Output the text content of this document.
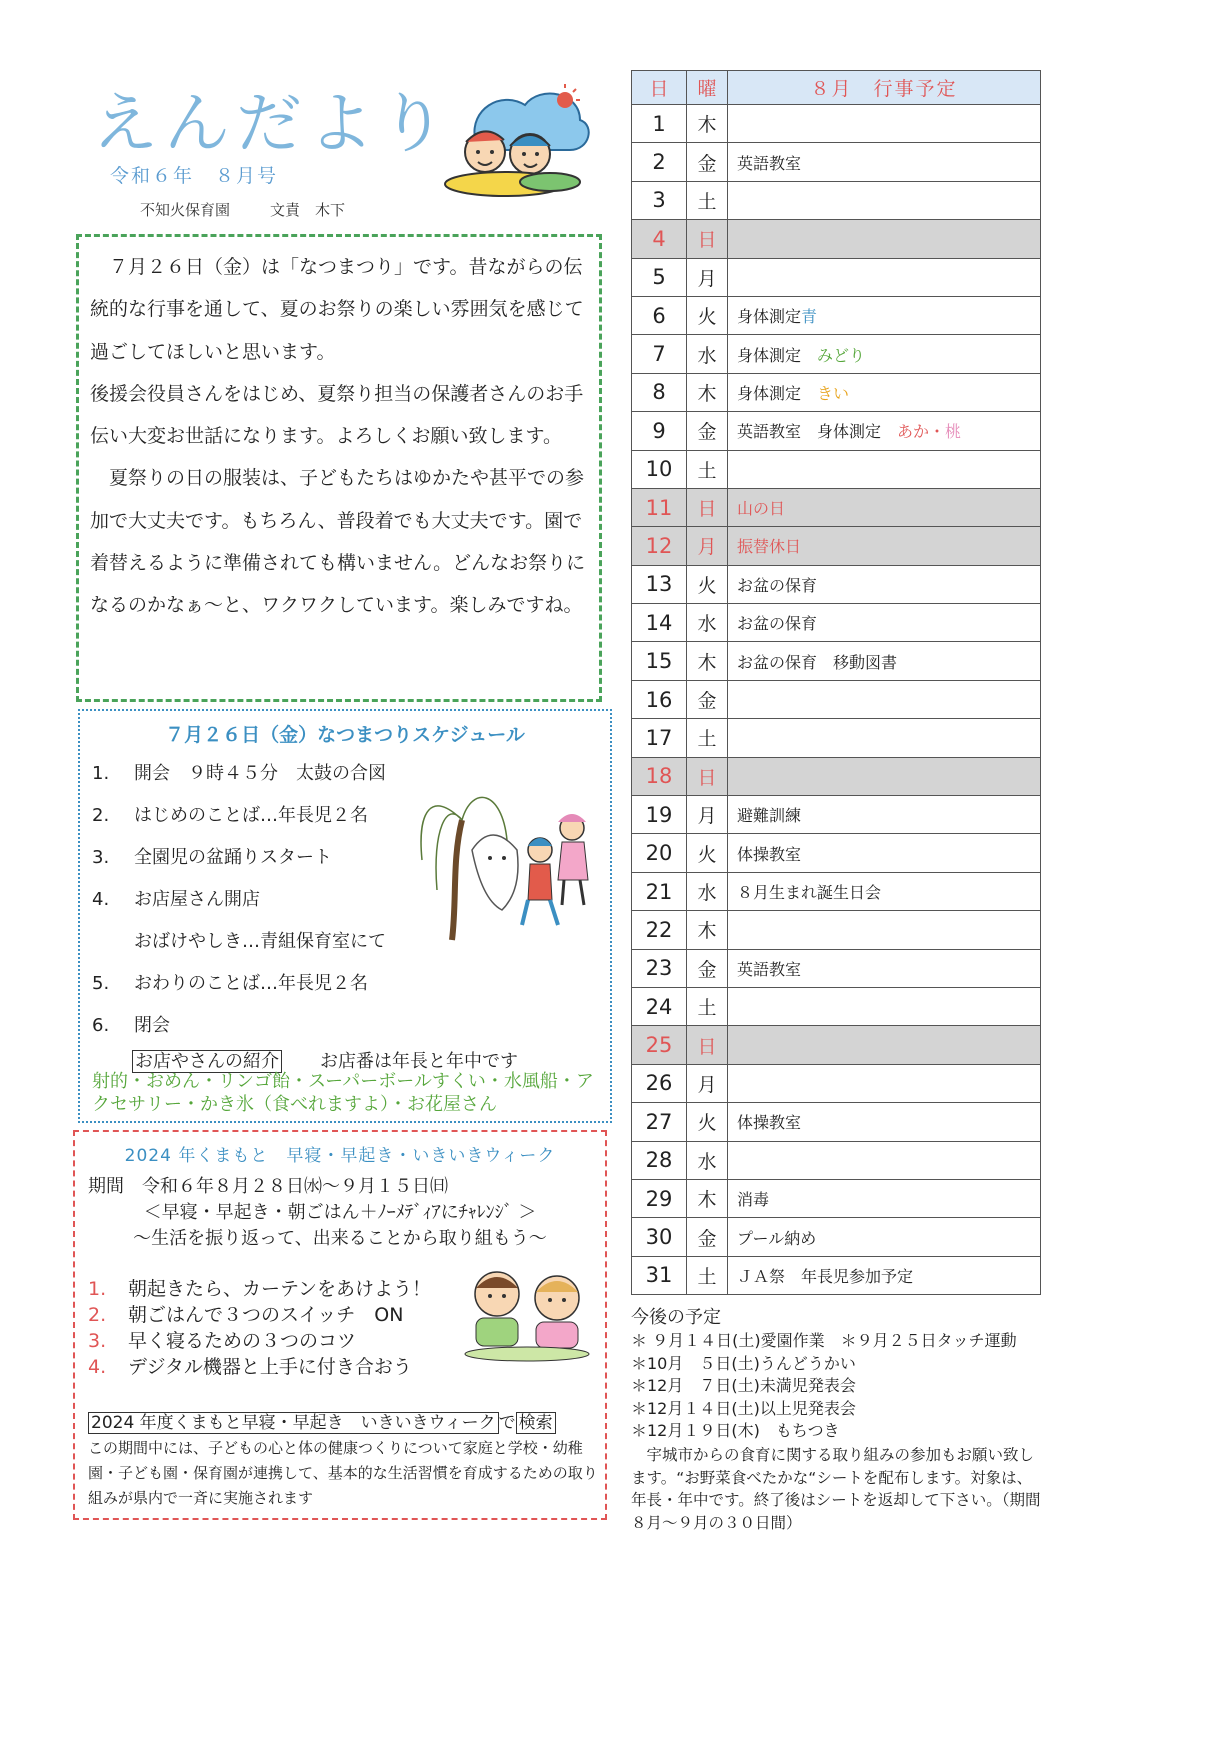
えんだより
令和６年　８月号
不知火保育園	文責　木下

　７月２６日（金）は「なつまつり」です。昔ながらの伝統的な行事を通して、夏のお祭りの楽しい雰囲気を感じて過ごしてほしいと思います。

後援会役員さんをはじめ、夏祭り担当の保護者さんのお手伝い大変お世話になります。よろしくお願い致します。

　夏祭りの日の服装は、子どもたちはゆかたや甚平での参加で大丈夫です。もちろん、普段着でも大丈夫です。園で着替えるように準備されても構いません。どんなお祭りになるのかなぁ～と、ワクワクしています。楽しみですね。

７月２６日（金）なつまつりスケジュール
1.	開会　９時４５分　太鼓の合図
2.	はじめのことば…年長児２名
3.	全園児の盆踊りスタート
4.	お店屋さん開店
おばけやしき…青組保育室にて
5.	おわりのことば…年長児２名
6.	閉会
お店やさんの紹介 お店番は年長と年中です
射的・おめん・リンゴ飴・スーパーボールすくい・水風船・アクセサリー・かき氷（食べれますよ）・お花屋さん
2024 年くまもと　早寝・早起き・いきいきウィーク
期間　令和６年８月２８日㈬～９月１５日㈰
＜早寝・早起き・朝ごはん＋ﾉｰﾒﾃﾞｨｱにﾁｬﾚﾝｼﾞ ＞
～生活を振り返って、出来ることから取り組もう～
1. 朝起きたら、カーテンをあけよう！
2. 朝ごはんで３つのスイッチ　ON
3. 早く寝るための３つのコツ
4. デジタル機器と上手に付き合おう
2024 年度くまもと早寝・早起き　いきいきウィーク で 検索
この期間中には、子どもの心と体の健康つくりについて家庭と学校・幼稚園・子ども園・保育園が連携して、基本的な生活習慣を育成するための取り組みが県内で一斉に実施されます
日	曜	８月　行事予定
1	木	
2	金	英語教室
3	土	
4	日	
5	月	
6	火	身体測定青
7	水	身体測定　みどり
8	木	身体測定　きい
9	金	英語教室　身体測定　あか・桃
10	土	
11	日	山の日
12	月	振替休日
13	火	お盆の保育
14	水	お盆の保育
15	木	お盆の保育　移動図書
16	金	
17	土	
18	日	
19	月	避難訓練
20	火	体操教室
21	水	８月生まれ誕生日会
22	木	
23	金	英語教室
24	土	
25	日	
26	月	
27	火	体操教室
28	水	
29	木	消毒
30	金	プール納め
31	土	ＪＡ祭　年長児参加予定
今後の予定
＊ ９月１４日(土)愛園作業　＊９月２５日タッチ運動
＊10月　５日(土)うんどうかい
＊12月　７日(土)未満児発表会
＊12月１４日(土)以上児発表会
＊12月１９日(木)　もちつき
宇城市からの食育に関する取り組みの参加もお願い致します。“お野菜食べたかな“シートを配布します。対象は、年長・年中です。終了後はシートを返却して下さい。（期間８月～９月の３０日間）
